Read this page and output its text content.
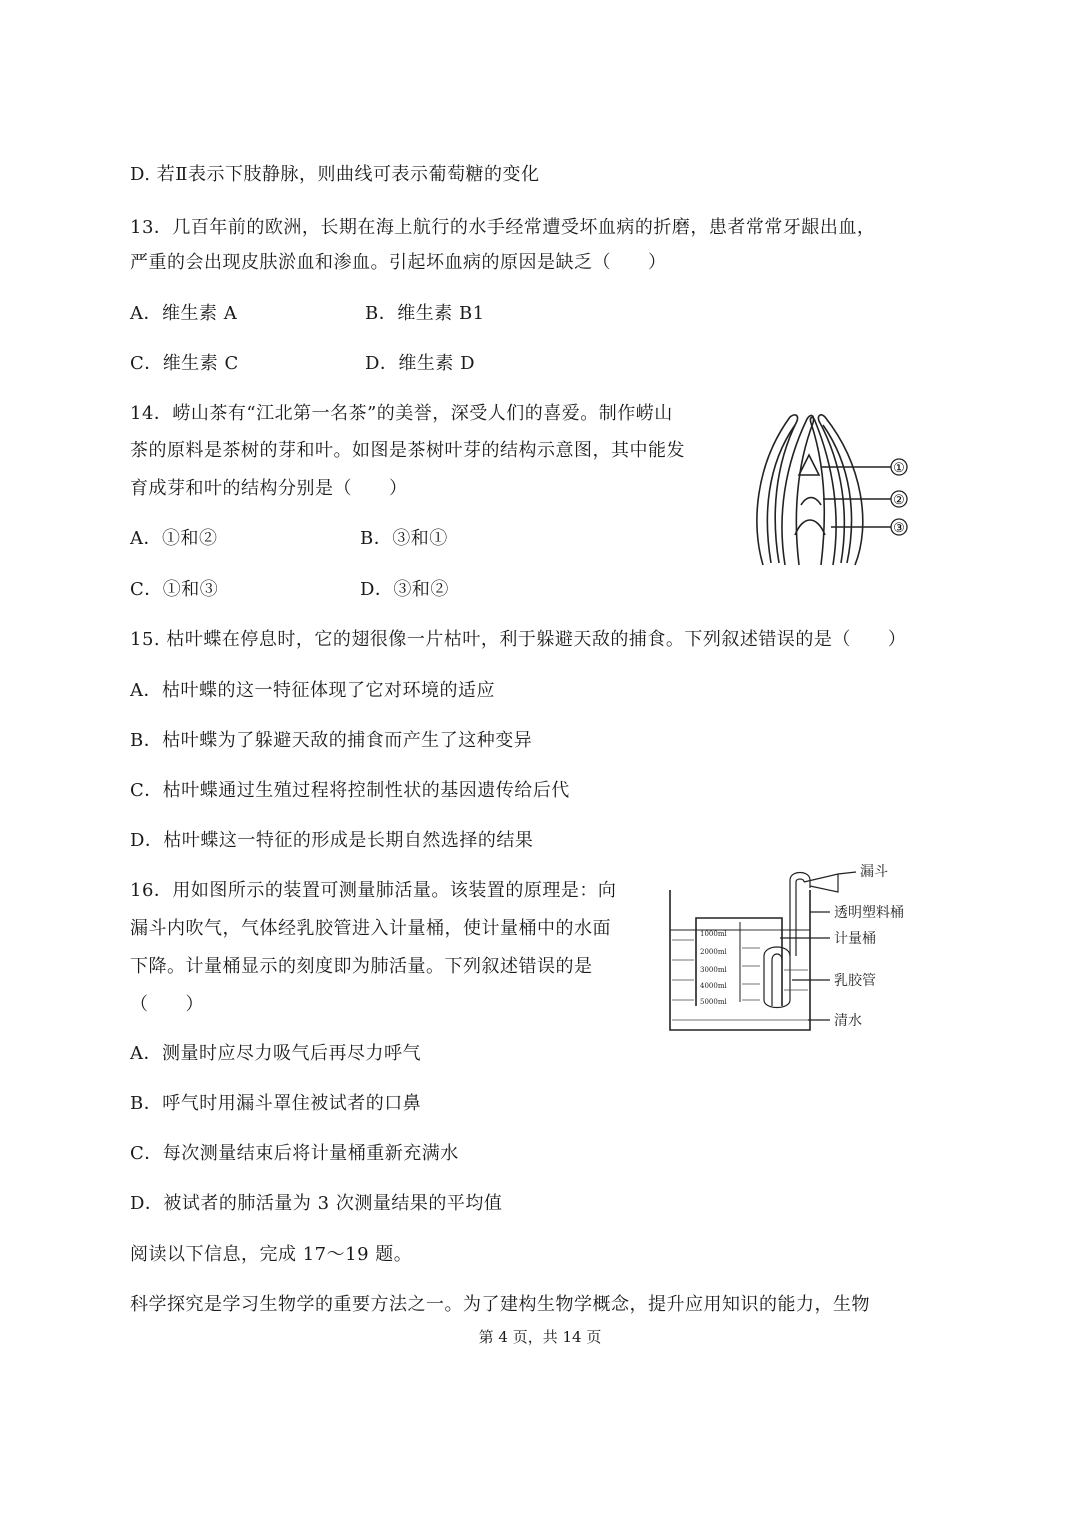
D. 若Ⅱ表示下肢静脉，则曲线可表示葡萄糖的变化
13．几百年前的欧洲，长期在海上航行的水手经常遭受坏血病的折磨，患者常常牙龈出血，
严重的会出现皮肤淤血和渗血。引起坏血病的原因是缺乏（　　）
A．维生素 A	B．维生素 B1
C．维生素 C	D．维生素 D
14．崂山茶有“江北第一名茶”的美誉，深受人们的喜爱。制作崂山
茶的原料是茶树的芽和叶。如图是茶树叶芽的结构示意图，其中能发
育成芽和叶的结构分别是（　　）
A．①和②	B．③和①
C．①和③	D．③和②
①
②
③
15. 枯叶蝶在停息时，它的翅很像一片枯叶，利于躲避天敌的捕食。下列叙述错误的是（　　）
A．枯叶蝶的这一特征体现了它对环境的适应
B．枯叶蝶为了躲避天敌的捕食而产生了这种变异
C．枯叶蝶通过生殖过程将控制性状的基因遗传给后代
D．枯叶蝶这一特征的形成是长期自然选择的结果
16．用如图所示的装置可测量肺活量。该装置的原理是：向
漏斗内吹气，气体经乳胶管进入计量桶，使计量桶中的水面
下降。计量桶显示的刻度即为肺活量。下列叙述错误的是
（　　）
1000ml
2000ml
3000ml
4000ml
5000ml
漏斗
透明塑料桶
计量桶
乳胶管
清水
A．测量时应尽力吸气后再尽力呼气
B．呼气时用漏斗罩住被试者的口鼻
C．每次测量结束后将计量桶重新充满水
D．被试者的肺活量为 3 次测量结果的平均值
阅读以下信息，完成 17～19 题。
科学探究是学习生物学的重要方法之一。为了建构生物学概念，提升应用知识的能力，生物
第 4 页，共 14 页
